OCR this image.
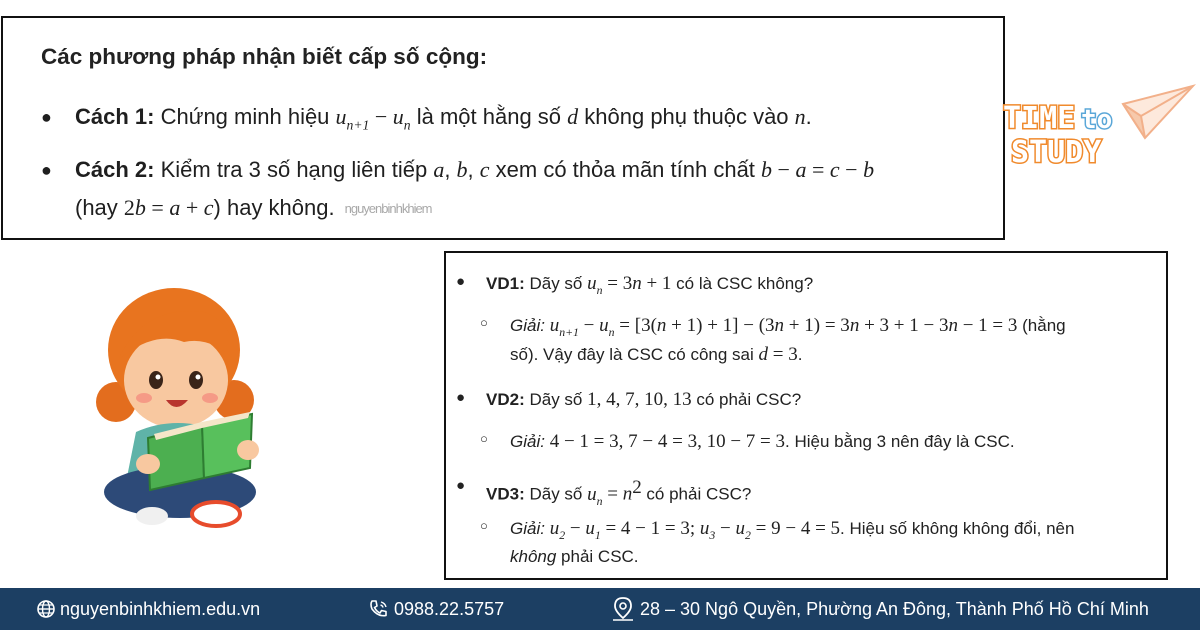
Các phương pháp nhận biết cấp số cộng:
● Cách 1: Chứng minh hiệu $u_{n+1} - u_n$ là một hằng số d không phụ thuộc vào n.
● Cách 2: Kiểm tra 3 số hạng liên tiếp a, b, c xem có thỏa mãn tính chất b − a = c − b
(hay 2b = a + c) hay không. nguyenbinhkhiem
TIME to
STUDY
● VD1: Dãy số $u_n = 3n + 1$ có là CSC không?
○ Giải: $u_{n+1} - u_n = [3(n + 1) + 1] - (3n + 1) = 3n + 3 + 1 - 3n - 1 = 3$ (hằng
số). Vậy đây là CSC có công sai d = 3.
● VD2: Dãy số 1, 4, 7, 10, 13 có phải CSC?
○ Giải: 4 − 1 = 3, 7 − 4 = 3, 10 − 7 = 3. Hiệu bằng 3 nên đây là CSC.
● VD3: Dãy số $u_n = n^2$ có phải CSC?
○ Giải: $u_2 - u_1 = 4 - 1 = 3$; $u_3 - u_2 = 9 - 4 = 5$. Hiệu số không không đổi, nên
không phải CSC.
nguyenbinhkhiem.edu.vn	0988.22.5757	28 – 30 Ngô Quyền, Phường An Đông, Thành Phố Hồ Chí Minh
